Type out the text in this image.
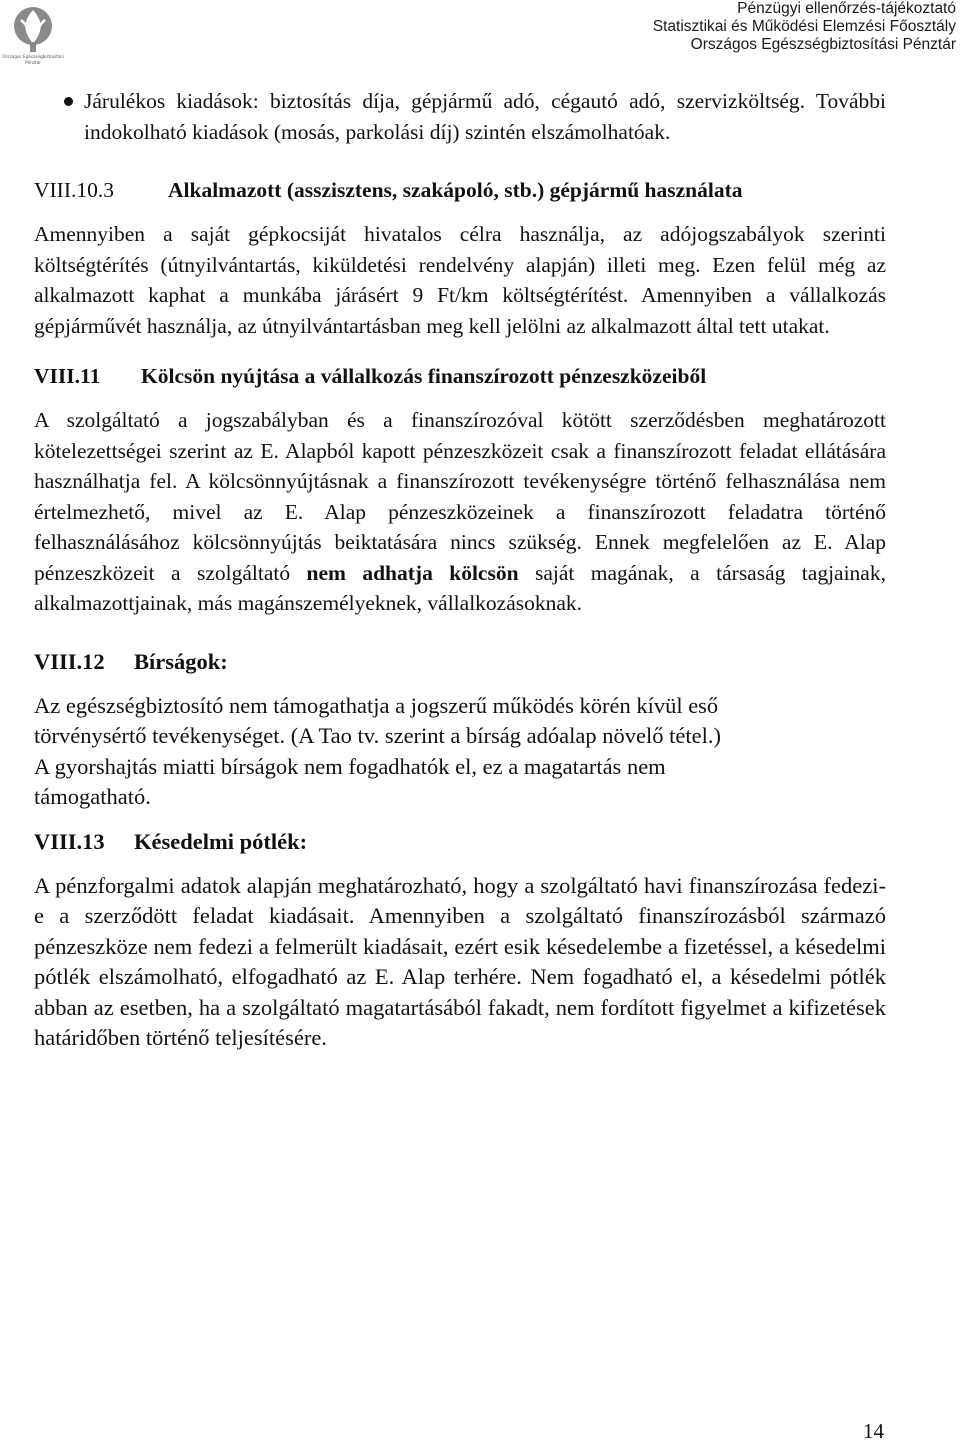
Országos Egészségbiztosítási
Pénztár
Pénzügyi ellenőrzés-tájékoztató
Statisztikai és Működési Elemzési Főosztály
Országos Egészségbiztosítási Pénztár
Járulékos kiadások: biztosítás díja, gépjármű adó, cégautó adó, szervizköltség. További indokolható kiadások (mosás, parkolási díj) szintén elszámolhatóak.
VIII.10.3	Alkalmazott (asszisztens, szakápoló, stb.) gépjármű használata

Amennyiben a saját gépkocsiját hivatalos célra használja, az adójogszabályok szerinti költségtérítés (útnyilvántartás, kiküldetési rendelvény alapján) illeti meg. Ezen felül még az alkalmazott kaphat a munkába járásért 9 Ft/km költségtérítést. Amennyiben a vállalkozás gépjárművét használja, az útnyilvántartásban meg kell jelölni az alkalmazott által tett utakat.

VIII.11 Kölcsön nyújtása a vállalkozás finanszírozott pénzeszközeiből

A szolgáltató a jogszabályban és a finanszírozóval kötött szerződésben meghatározott kötelezettségei szerint az E. Alapból kapott pénzeszközeit csak a finanszírozott feladat ellátására használhatja fel. A kölcsönnyújtásnak a finanszírozott tevékenységre történő felhasználása nem értelmezhető, mivel az E. Alap pénzeszközeinek a finanszírozott feladatra történő felhasználásához kölcsönnyújtás beiktatására nincs szükség. Ennek megfelelően az E. Alap pénzeszközeit a szolgáltató nem adhatja kölcsön saját magának, a társaság tagjainak, alkalmazottjainak, más magánszemélyeknek, vállalkozásoknak.

VIII.12 Bírságok:
Az egészségbiztosító nem támogathatja a jogszerű működés körén kívül eső
törvénysértő tevékenységet. (A Tao tv. szerint a bírság adóalap növelő tétel.)
A gyorshajtás miatti bírságok nem fogadhatók el, ez a magatartás nem
támogatható.
VIII.13 Késedelmi pótlék:

A pénzforgalmi adatok alapján meghatározható, hogy a szolgáltató havi finanszírozása fedezi-e a szerződött feladat kiadásait. Amennyiben a szolgáltató finanszírozásból származó pénzeszköze nem fedezi a felmerült kiadásait, ezért esik késedelembe a fizetéssel, a késedelmi pótlék elszámolható, elfogadható az E. Alap terhére. Nem fogadható el, a késedelmi pótlék abban az esetben, ha a szolgáltató magatartásából fakadt, nem fordított figyelmet a kifizetések határidőben történő teljesítésére.

14
